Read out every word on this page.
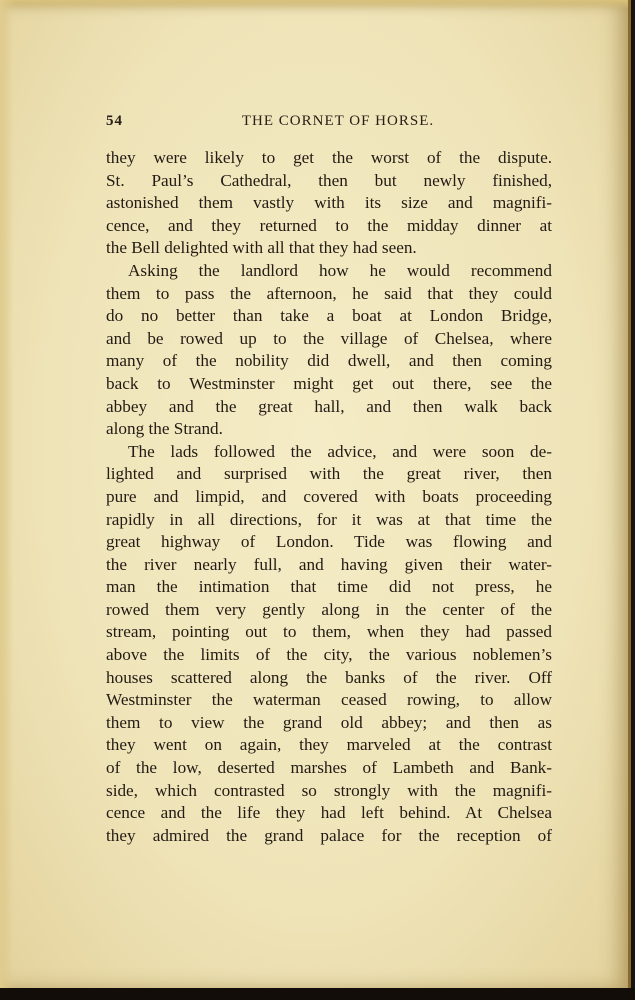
54	THE CORNET OF HORSE.
they were likely to get the worst of the dispute.
St. Paul’s Cathedral, then but newly finished,
astonished them vastly with its size and magnifi-
cence, and they returned to the midday dinner at
the Bell delighted with all that they had seen.
Asking the landlord how he would recommend
them to pass the afternoon, he said that they could
do no better than take a boat at London Bridge,
and be rowed up to the village of Chelsea, where
many of the nobility did dwell, and then coming
back to Westminster might get out there, see the
abbey and the great hall, and then walk back
along the Strand.
The lads followed the advice, and were soon de-
lighted and surprised with the great river, then
pure and limpid, and covered with boats proceeding
rapidly in all directions, for it was at that time the
great highway of London. Tide was flowing and
the river nearly full, and having given their water-
man the intimation that time did not press, he
rowed them very gently along in the center of the
stream, pointing out to them, when they had passed
above the limits of the city, the various noblemen’s
houses scattered along the banks of the river. Off
Westminster the waterman ceased rowing, to allow
them to view the grand old abbey; and then as
they went on again, they marveled at the contrast
of the low, deserted marshes of Lambeth and Bank-
side, which contrasted so strongly with the magnifi-
cence and the life they had left behind. At Chelsea
they admired the grand palace for the reception of
